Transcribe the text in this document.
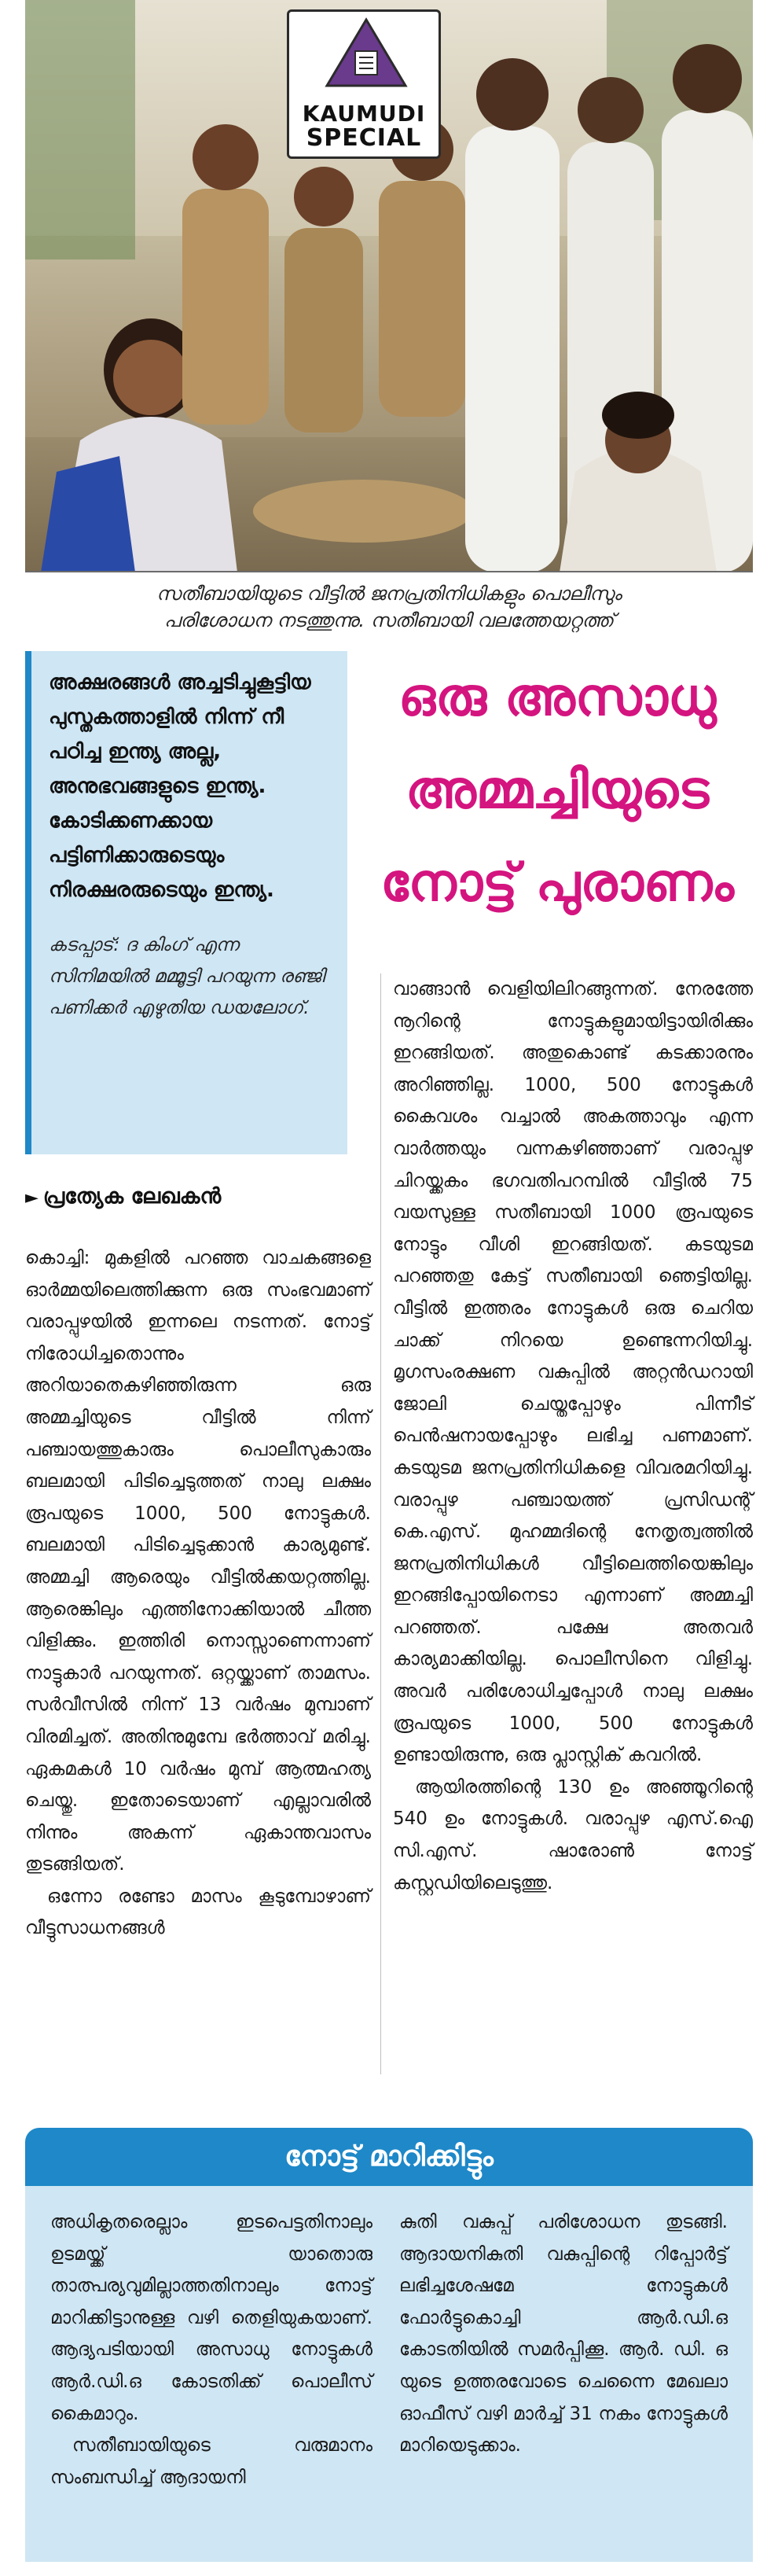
KAUMUDI
SPECIAL
സതീബായിയുടെ വീട്ടിൽ ജനപ്രതിനിധികളും പൊലീസും
പരിശോധന നടത്തുന്നു. സതീബായി വലത്തേയറ്റത്ത്
അക്ഷരങ്ങൾ അച്ചടിച്ചുകൂട്ടിയ പുസ്തകത്താളിൽ നിന്ന് നീ പഠിച്ച ഇന്ത്യ അല്ല, അനുഭവങ്ങളുടെ ഇന്ത്യ. കോടിക്കണക്കായ പട്ടിണിക്കാരുടെയും നിരക്ഷരരുടെയും ഇന്ത്യ.
കടപ്പാട്: ദ കിംഗ് എന്ന സിനിമയിൽ മമ്മൂട്ടി പറയുന്ന രഞ്ജി പണിക്കർ എഴുതിയ ഡയലോഗ്.
ഒരു അസാധു
അമ്മച്ചിയുടെ
നോട്ട് പുരാണം
► പ്രത്യേക ലേഖകൻ

കൊച്ചി: മുകളിൽ പറഞ്ഞ വാചകങ്ങളെ ഓർമ്മയിലെത്തിക്കുന്ന ഒരു സംഭവമാണ് വരാപ്പുഴയിൽ ഇന്നലെ നടന്നത്. നോട്ട് നിരോധിച്ചതൊന്നും അറിയാതെകഴിഞ്ഞിരുന്ന ഒരു അമ്മച്ചിയുടെ വീട്ടിൽ നിന്ന് പഞ്ചായത്തുകാരും പൊലീസുകാരും ബലമായി പിടിച്ചെടുത്തത് നാലു ലക്ഷം രൂപയുടെ 1000, 500 നോട്ടുകൾ. ബലമായി പിടിച്ചെടുക്കാൻ കാര്യമുണ്ട്. അമ്മച്ചി ആരെയും വീട്ടിൽക്കയറ്റത്തില്ല. ആരെങ്കിലും എത്തിനോക്കിയാൽ ചീത്ത വിളിക്കും. ഇത്തിരി നൊസ്സാണെന്നാണ് നാട്ടുകാർ പറയുന്നത്. ഒറ്റയ്ക്കാണ് താമസം. സർവീസിൽ നിന്ന് 13 വർഷം മുമ്പാണ് വിരമിച്ചത്. അതിനുമുമ്പേ ഭർത്താവ് മരിച്ചു. ഏകമകൾ 10 വർഷം മുമ്പ് ആത്മഹത്യ ചെയ്തു. ഇതോടെയാണ് എല്ലാവരിൽ നിന്നും അകന്ന് ഏകാന്തവാസം തുടങ്ങിയത്.

ഒന്നോ രണ്ടോ മാസം കൂടുമ്പോഴാണ് വീട്ടുസാധനങ്ങൾ

വാങ്ങാൻ വെളിയിലിറങ്ങുന്നത്. നേരത്തേ നൂറിന്റെ നോട്ടുകളുമായിട്ടായിരിക്കും ഇറങ്ങിയത്. അതുകൊണ്ട് കടക്കാരനും അറിഞ്ഞില്ല. 1000, 500 നോട്ടുകൾ കൈവശം വച്ചാൽ അകത്താവും എന്ന വാർത്തയും വന്നകഴിഞ്ഞാണ് വരാപ്പുഴ ചിറയ്ക്കകം ഭഗവതിപറമ്പിൽ വീട്ടിൽ 75 വയസുള്ള സതീബായി 1000 രൂപയുടെ നോട്ടും വീശി ഇറങ്ങിയത്. കടയുടമ പറഞ്ഞതു കേട്ട് സതീബായി ഞെട്ടിയില്ല. വീട്ടിൽ ഇത്തരം നോട്ടുകൾ ഒരു ചെറിയ ചാക്ക് നിറയെ ഉണ്ടെന്നറിയിച്ചു. മൃഗസംരക്ഷണ വകുപ്പിൽ അറ്റൻഡറായി ജോലി ചെയ്തപ്പോഴും പിന്നീട് പെൻഷനായപ്പോഴും ലഭിച്ച പണമാണ്. കടയുടമ ജനപ്രതിനിധികളെ വിവരമറിയിച്ചു. വരാപ്പുഴ പഞ്ചായത്ത് പ്രസിഡന്റ് കെ.എസ്. മുഹമ്മദിന്റെ നേതൃത്വത്തിൽ ജനപ്രതിനിധികൾ വീട്ടിലെത്തിയെങ്കിലും ഇറങ്ങിപ്പോയിനെടാ എന്നാണ് അമ്മച്ചി പറഞ്ഞത്. പക്ഷേ അതവർ കാര്യമാക്കിയില്ല. പൊലീസിനെ വിളിച്ചു. അവർ പരിശോധിച്ചപ്പോൾ നാലു ലക്ഷം രൂപയുടെ 1000, 500 നോട്ടുകൾ ഉണ്ടായിരുന്നു, ഒരു പ്ലാസ്റ്റിക് കവറിൽ.

ആയിരത്തിന്റെ 130 ഉം അഞ്ഞൂറിന്റെ 540 ഉം നോട്ടുകൾ. വരാപ്പുഴ എസ്.ഐ സി.എസ്. ഷാരോൺ നോട്ട് കസ്റ്റഡിയിലെടുത്തു.

നോട്ട് മാറിക്കിട്ടും

അധികൃതരെല്ലാം ഇടപെട്ടതിനാലും ഉടമയ്ക്ക് യാതൊരു താത്പര്യവുമില്ലാത്തതിനാലും നോട്ട് മാറിക്കിട്ടാനുള്ള വഴി തെളിയുകയാണ്. ആദ്യപടിയായി അസാധു നോട്ടുകൾ ആർ.ഡി.ഒ കോടതിക്ക് പൊലീസ് കൈമാറും.

സതീബായിയുടെ വരുമാനം സംബന്ധിച്ച് ആദായനി

കുതി വകുപ്പ് പരിശോധന തുടങ്ങി. ആദായനികുതി വകുപ്പിന്റെ റിപ്പോർട്ട് ലഭിച്ചശേഷമേ നോട്ടുകൾ ഫോർട്ടുകൊച്ചി ആർ.ഡി.ഒ കോടതിയിൽ സമർപ്പിക്കൂ. ആർ. ഡി. ഒ യുടെ ഉത്തരവോടെ ചെന്നൈ മേഖലാ ഓഫീസ് വഴി മാർച്ച് 31 നകം നോട്ടുകൾ മാറിയെടുക്കാം.
